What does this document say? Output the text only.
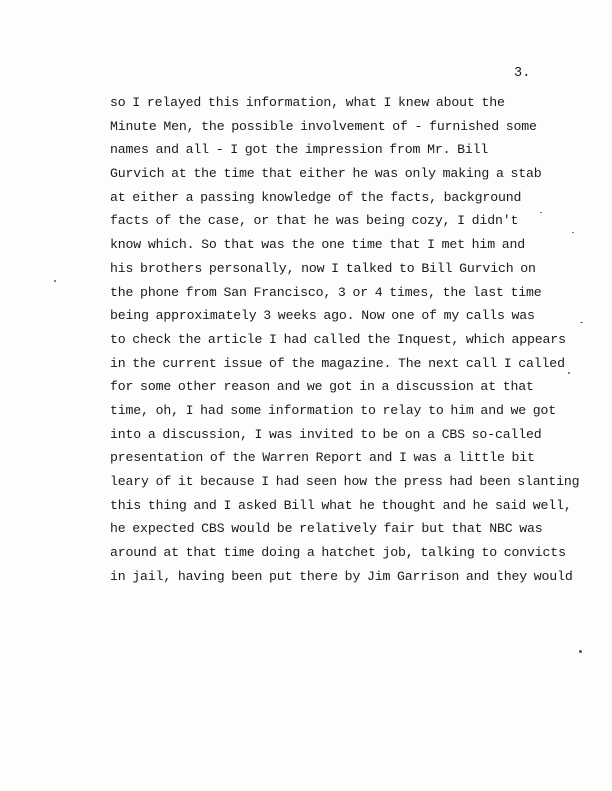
3.
so I relayed this information, what I knew about the
Minute Men, the possible involvement of - furnished some
names and all - I got the impression from Mr. Bill
Gurvich at the time that either he was only making a stab
at either a passing knowledge of the facts, background
facts of the case, or that he was being cozy, I didn't
know which. So that was the one time that I met him and
his brothers personally, now I talked to Bill Gurvich on
the phone from San Francisco, 3 or 4 times, the last time
being approximately 3 weeks ago. Now one of my calls was
to check the article I had called the Inquest, which appears
in the current issue of the magazine. The next call I called
for some other reason and we got in a discussion at that
time, oh, I had some information to relay to him and we got
into a discussion, I was invited to be on a CBS so-called
presentation of the Warren Report and I was a little bit
leary of it because I had seen how the press had been slanting
this thing and I asked Bill what he thought and he said well,
he expected CBS would be relatively fair but that NBC was
around at that time doing a hatchet job, talking to convicts
in jail, having been put there by Jim Garrison and they would
